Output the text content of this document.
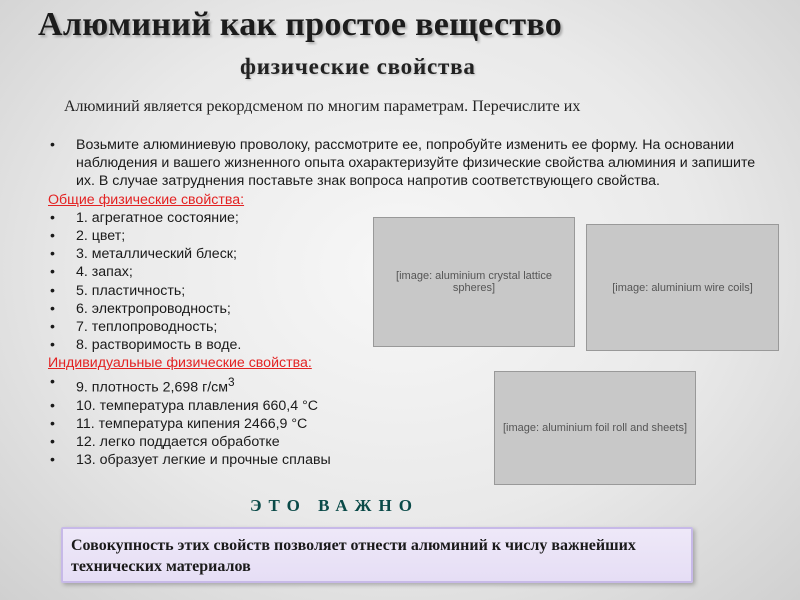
Алюминий как простое вещество
физические свойства
Алюминий является рекордсменом по многим параметрам. Перечислите их
•	Возьмите алюминиевую проволоку, рассмотрите ее, попробуйте изменить ее форму. На основании наблюдения и вашего жизненного опыта охарактеризуйте физические свойства алюминия и запишите их. В случае затруднения поставьте знак вопроса напротив соответствующего свойства.
Общие физические свойства:
•	1. агрегатное состояние;
•	2. цвет;
•	3. металлический блеск;
•	4. запах;
•	5. пластичность;
•	6. электропроводность;
•	7. теплопроводность;
•	8. растворимость в воде.
Индивидуальные физические свойства:
•	9. плотность 2,698 $г/см^3$
•	10. температура плавления 660,4 °С
•	11. температура кипения 2466,9 °С
•	12. легко поддается обработке
•	13. образует легкие и прочные сплавы
[image: aluminium crystal lattice spheres]	[image: aluminium wire coils]
[image: aluminium foil roll and sheets]
ЭТО ВАЖНО
Совокупность этих свойств позволяет отнести алюминий к числу важнейших технических материалов
